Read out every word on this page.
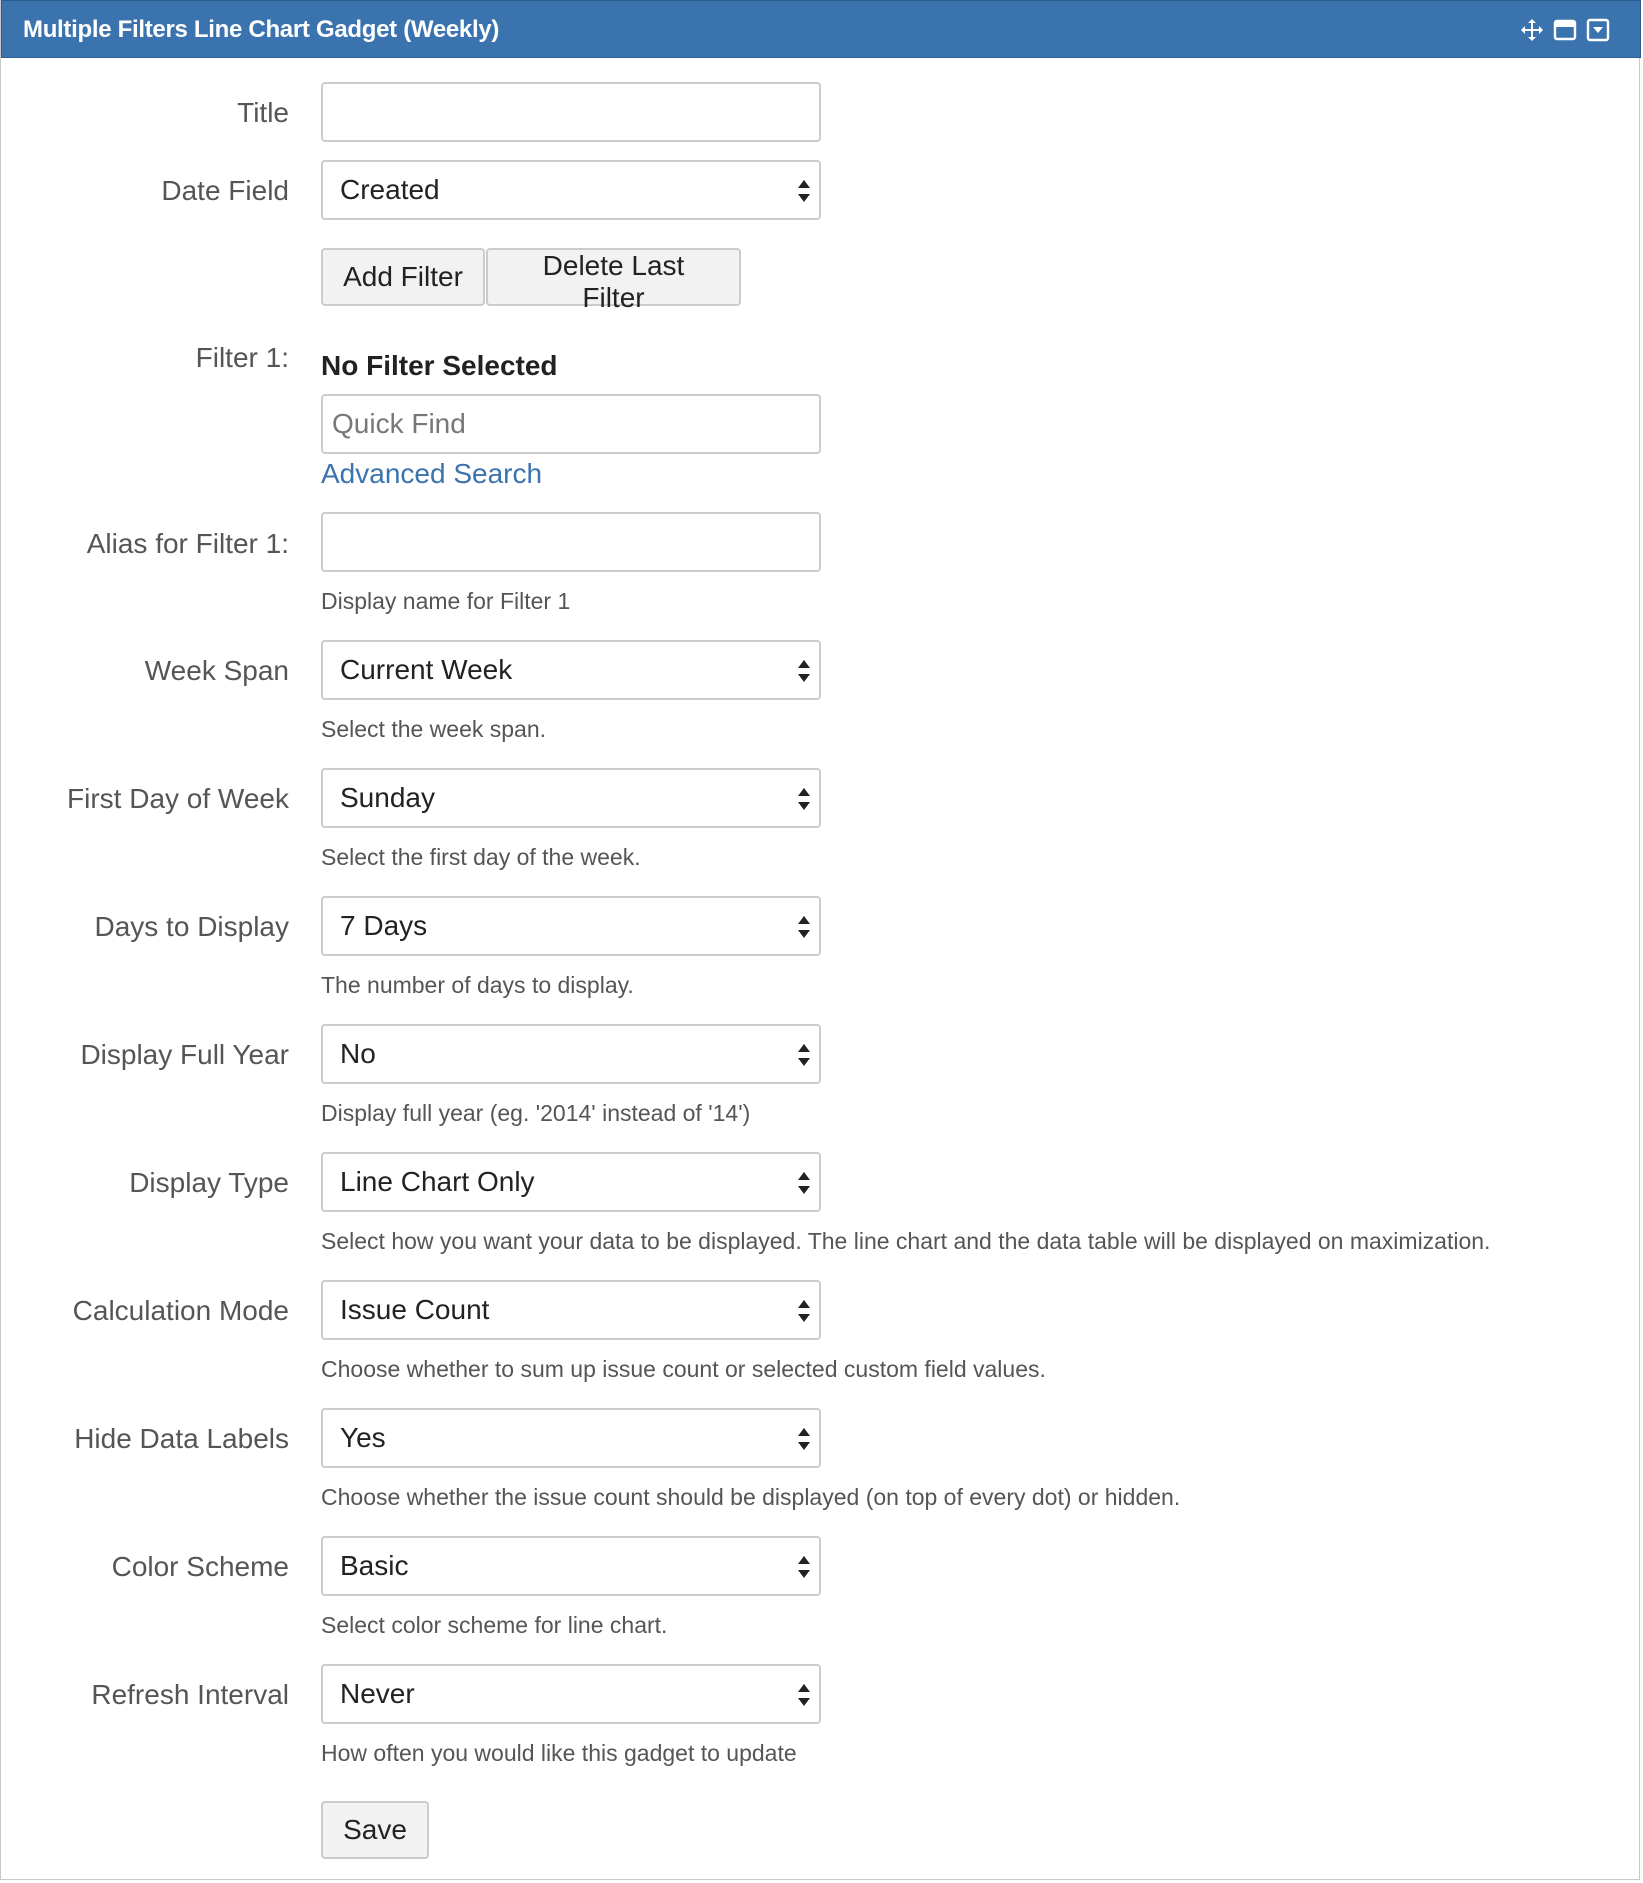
Multiple Filters Line Chart Gadget (Weekly)
Title
Date Field Created
Add Filter	Delete Last Filter
Filter 1: No Filter Selected
Quick Find
Advanced Search
Alias for Filter 1:
Display name for Filter 1
Week Span Current Week
Select the week span.
First Day of Week Sunday
Select the first day of the week.
Days to Display 7 Days
The number of days to display.
Display Full Year No
Display full year (eg. '2014' instead of '14')
Display Type Line Chart Only
Select how you want your data to be displayed. The line chart and the data table will be displayed on maximization.
Calculation Mode Issue Count
Choose whether to sum up issue count or selected custom field values.
Hide Data Labels Yes
Choose whether the issue count should be displayed (on top of every dot) or hidden.
Color Scheme Basic
Select color scheme for line chart.
Refresh Interval Never
How often you would like this gadget to update
Save
